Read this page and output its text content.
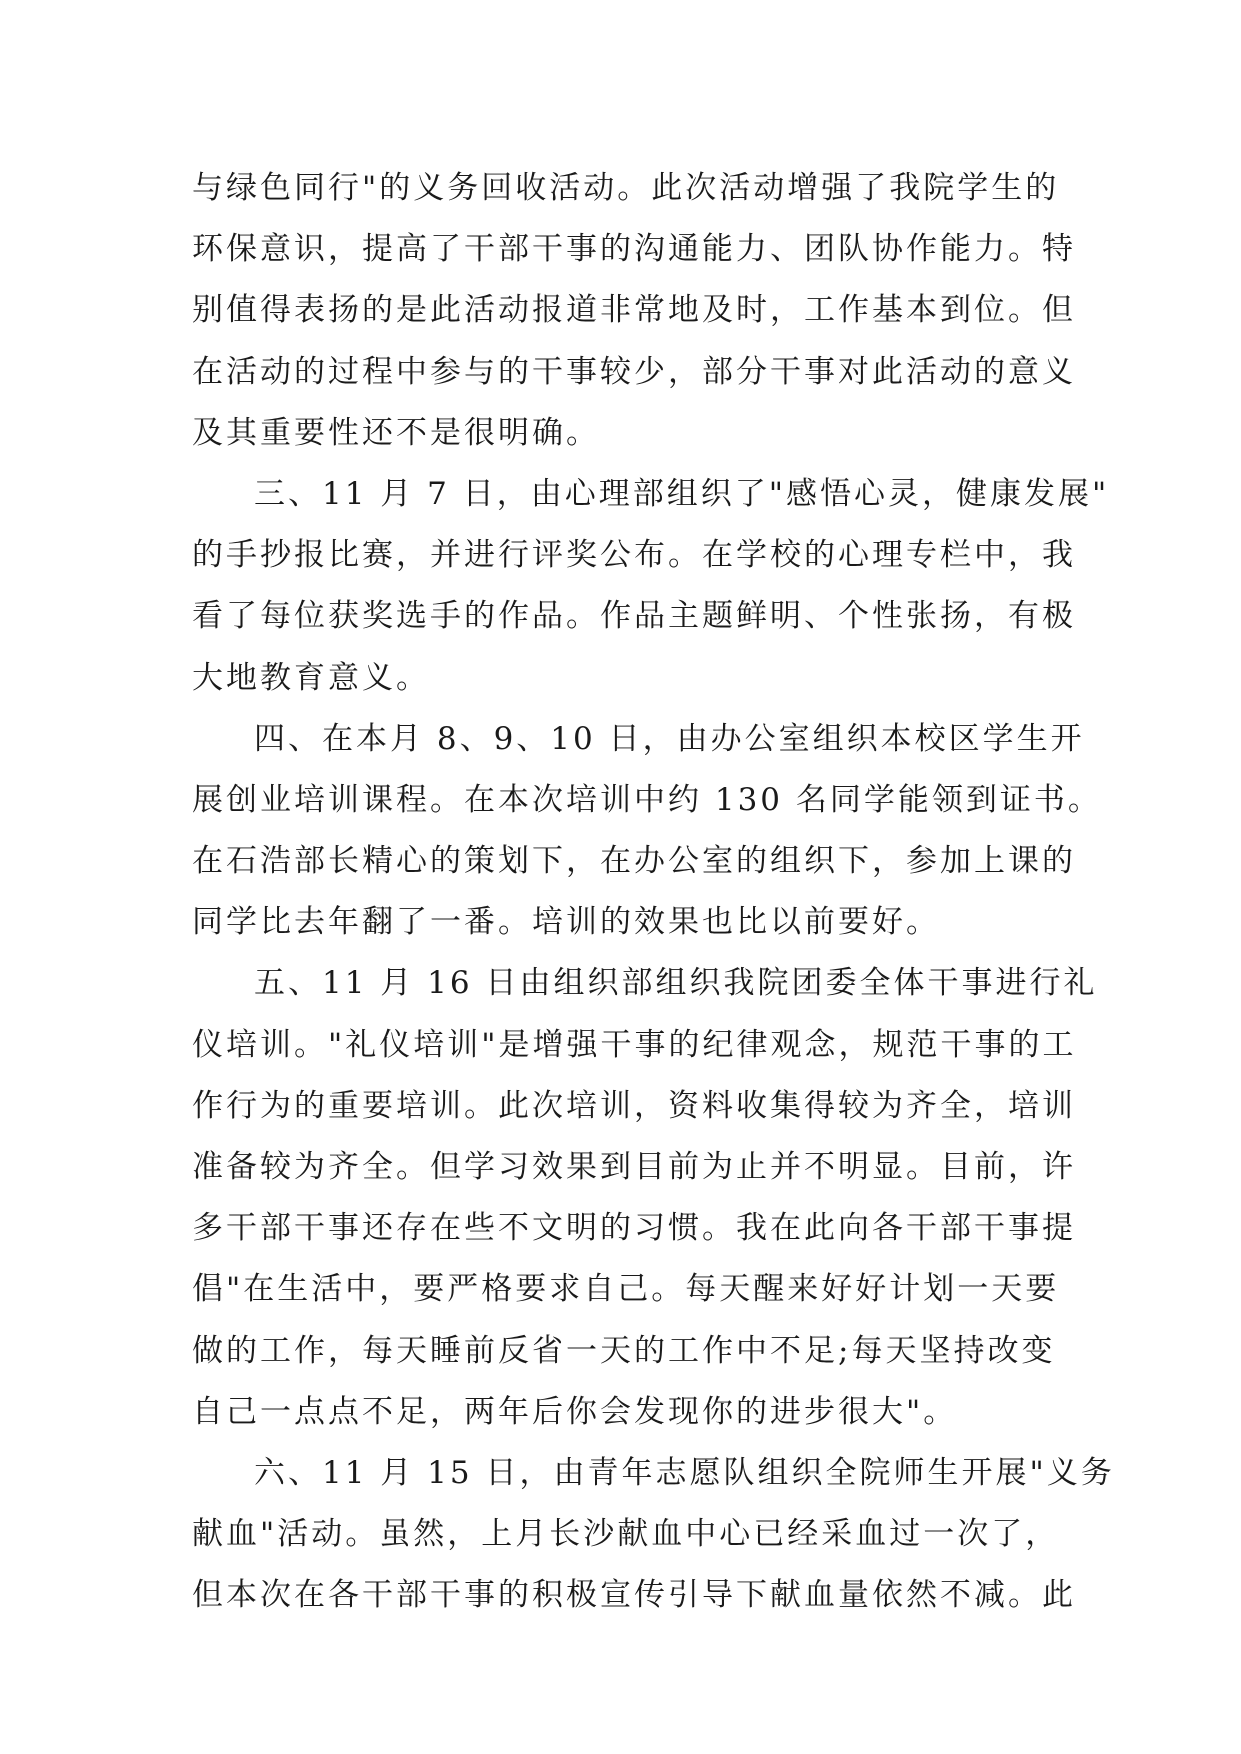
与绿色同行"的义务回收活动。此次活动增强了我院学生的
环保意识，提高了干部干事的沟通能力、团队协作能力。特
别值得表扬的是此活动报道非常地及时，工作基本到位。但
在活动的过程中参与的干事较少，部分干事对此活动的意义
及其重要性还不是很明确。
三、11 月 7 日，由心理部组织了"感悟心灵，健康发展"
的手抄报比赛，并进行评奖公布。在学校的心理专栏中，我
看了每位获奖选手的作品。作品主题鲜明、个性张扬，有极
大地教育意义。
四、在本月 8、9、10 日，由办公室组织本校区学生开
展创业培训课程。在本次培训中约 130 名同学能领到证书。
在石浩部长精心的策划下，在办公室的组织下，参加上课的
同学比去年翻了一番。培训的效果也比以前要好。
五、11 月 16 日由组织部组织我院团委全体干事进行礼
仪培训。"礼仪培训"是增强干事的纪律观念，规范干事的工
作行为的重要培训。此次培训，资料收集得较为齐全，培训
准备较为齐全。但学习效果到目前为止并不明显。目前，许
多干部干事还存在些不文明的习惯。我在此向各干部干事提
倡"在生活中，要严格要求自己。每天醒来好好计划一天要
做的工作，每天睡前反省一天的工作中不足;每天坚持改变
自己一点点不足，两年后你会发现你的进步很大"。
六、11 月 15 日，由青年志愿队组织全院师生开展"义务
献血"活动。虽然，上月长沙献血中心已经采血过一次了，
但本次在各干部干事的积极宣传引导下献血量依然不减。此
